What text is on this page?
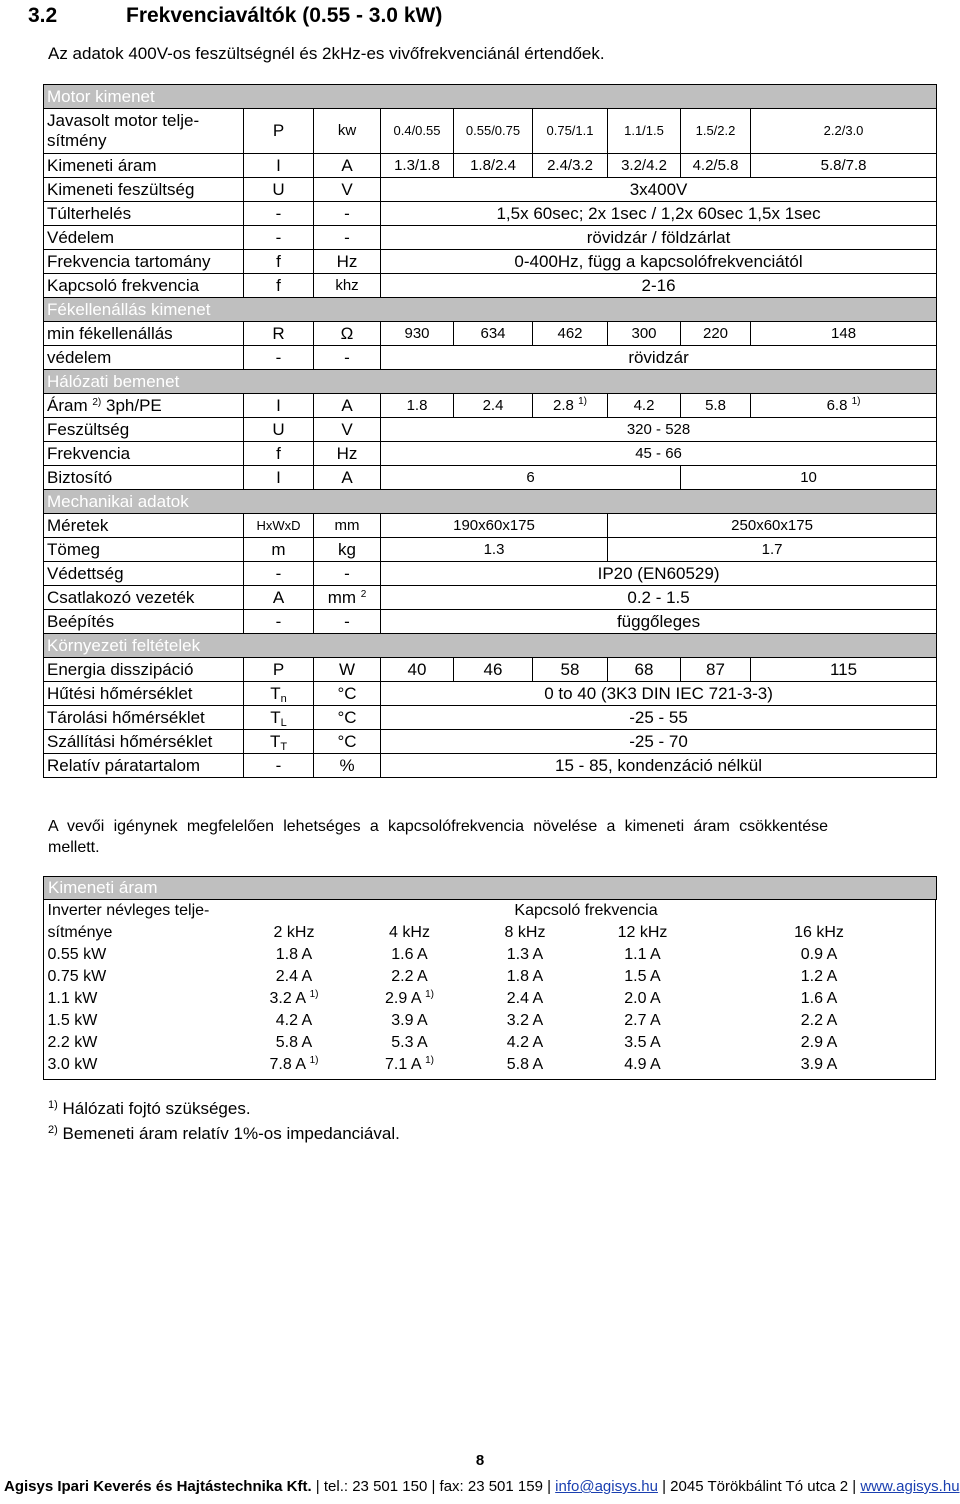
3.2	Frekvenciaváltók (0.55 - 3.0 kW)
Az adatok 400V-os feszültségnél és 2kHz-es vivőfrekvenciánál értendőek.
Motor kimenet								
Javasolt motor telje-sítmény	P	kw	0.4/0.55	0.55/0.75	0.75/1.1	1.1/1.5	1.5/2.2	2.2/3.0
Kimeneti áram	I	A	1.3/1.8	1.8/2.4	2.4/3.2	3.2/4.2	4.2/5.8	5.8/7.8
Kimeneti feszültség	U	V	3x400V					
Túlterhelés	-	-	1,5x 60sec; 2x 1sec / 1,2x 60sec 1,5x 1sec					
Védelem	-	-	rövidzár / földzárlat					
Frekvencia tartomány	f	Hz	0-400Hz, függ a kapcsolófrekvenciától					
Kapcsoló frekvencia	f	khz	2-16					
Fékellenállás kimenet								
min fékellenállás	R	Ω	930	634	462	300	220	148
védelem	-	-	rövidzár					
Hálózati bemenet								
Áram $^{2)}$ 3ph/PE	I	A	1.8	2.4	2.8 $^{1)}$	4.2	5.8	6.8 $^{1)}$
Feszültség	U	V	320 - 528					
Frekvencia	f	Hz	45 - 66					
Biztosító	I	A	6				10	
Mechanikai adatok								
Méretek	HxWxD	mm	190x60x175			250x60x175		
Tömeg	m	kg	1.3			1.7		
Védettség	-	-	IP20 (EN60529)					
Csatlakozó vezeték	A	mm $^2$	0.2 - 1.5					
Beépítés	-	-	függőleges					
Környezeti feltételek								
Energia disszipáció	P	W	40	46	58	68	87	115
Hűtési hőmérséklet	$T_n$	°C	0 to 40 (3K3 DIN IEC 721-3-3)					
Tárolási hőmérséklet	$T_L$	°C	-25 - 55					
Szállítási hőmérséklet	$T_T$	°C	-25 - 70					
Relatív páratartalom	-	%	15 - 85, kondenzáció nélkül					
A vevői igénynek megfelelően lehetséges a kapcsolófrekvencia növelése a kimeneti áram csökkentése mellett.
Kimeneti áram					
Inverter névleges telje-	Kapcsoló frekvencia				
sítménye	2 kHz	4 kHz	8 kHz	12 kHz	16 kHz
0.55 kW	1.8 A	1.6 A	1.3 A	1.1 A	0.9 A
0.75 kW	2.4 A	2.2 A	1.8 A	1.5 A	1.2 A
1.1 kW	3.2 A $^{1)}$	2.9 A $^{1)}$	2.4 A	2.0 A	1.6 A
1.5 kW	4.2 A	3.9 A	3.2 A	2.7 A	2.2 A
2.2 kW	5.8 A	5.3 A	4.2 A	3.5 A	2.9 A
3.0 kW	7.8 A $^{1)}$	7.1 A $^{1)}$	5.8 A	4.9 A	3.9 A
$^{1)}$ Hálózati fojtó szükséges.
$^{2)}$ Bemeneti áram relatív 1%-os impedanciával.
8
Agisys Ipari Keverés és Hajtástechnika Kft. | tel.: 23 501 150 | fax: 23 501 159 | info@agisys.hu | 2045 Törökbálint Tó utca 2 | www.agisys.hu
